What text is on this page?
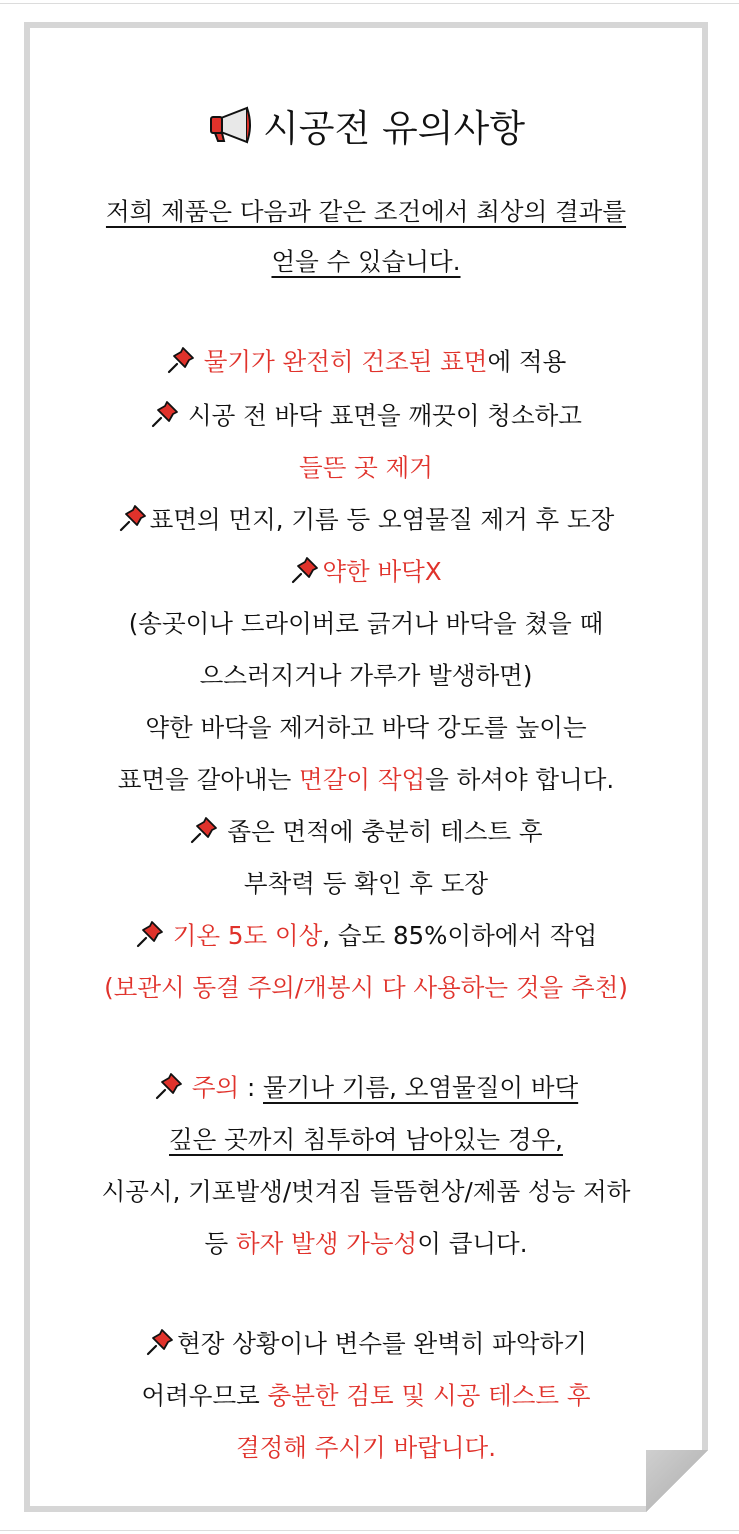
시공전 유의사항
저희 제품은 다음과 같은 조건에서 최상의 결과를
얻을 수 있습니다.
물기가 완전히 건조된 표면에 적용
시공 전 바닥 표면을 깨끗이 청소하고
들뜬 곳 제거
표면의 먼지, 기름 등 오염물질 제거 후 도장
약한 바닥X
(송곳이나 드라이버로 긁거나 바닥을 쳤을 때
으스러지거나 가루가 발생하면)
약한 바닥을 제거하고 바닥 강도를 높이는
표면을 갈아내는 면갈이 작업을 하셔야 합니다.
좁은 면적에 충분히 테스트 후
부착력 등 확인 후 도장
기온 5도 이상, 습도 85%이하에서 작업
(보관시 동결 주의/개봉시 다 사용하는 것을 추천)
주의 : 물기나 기름, 오염물질이 바닥
깊은 곳까지 침투하여 남아있는 경우,
시공시, 기포발생/벗겨짐 들뜸현상/제품 성능 저하
등 하자 발생 가능성이 큽니다.
현장 상황이나 변수를 완벽히 파악하기
어려우므로 충분한 검토 및 시공 테스트 후
결정해 주시기 바랍니다.
